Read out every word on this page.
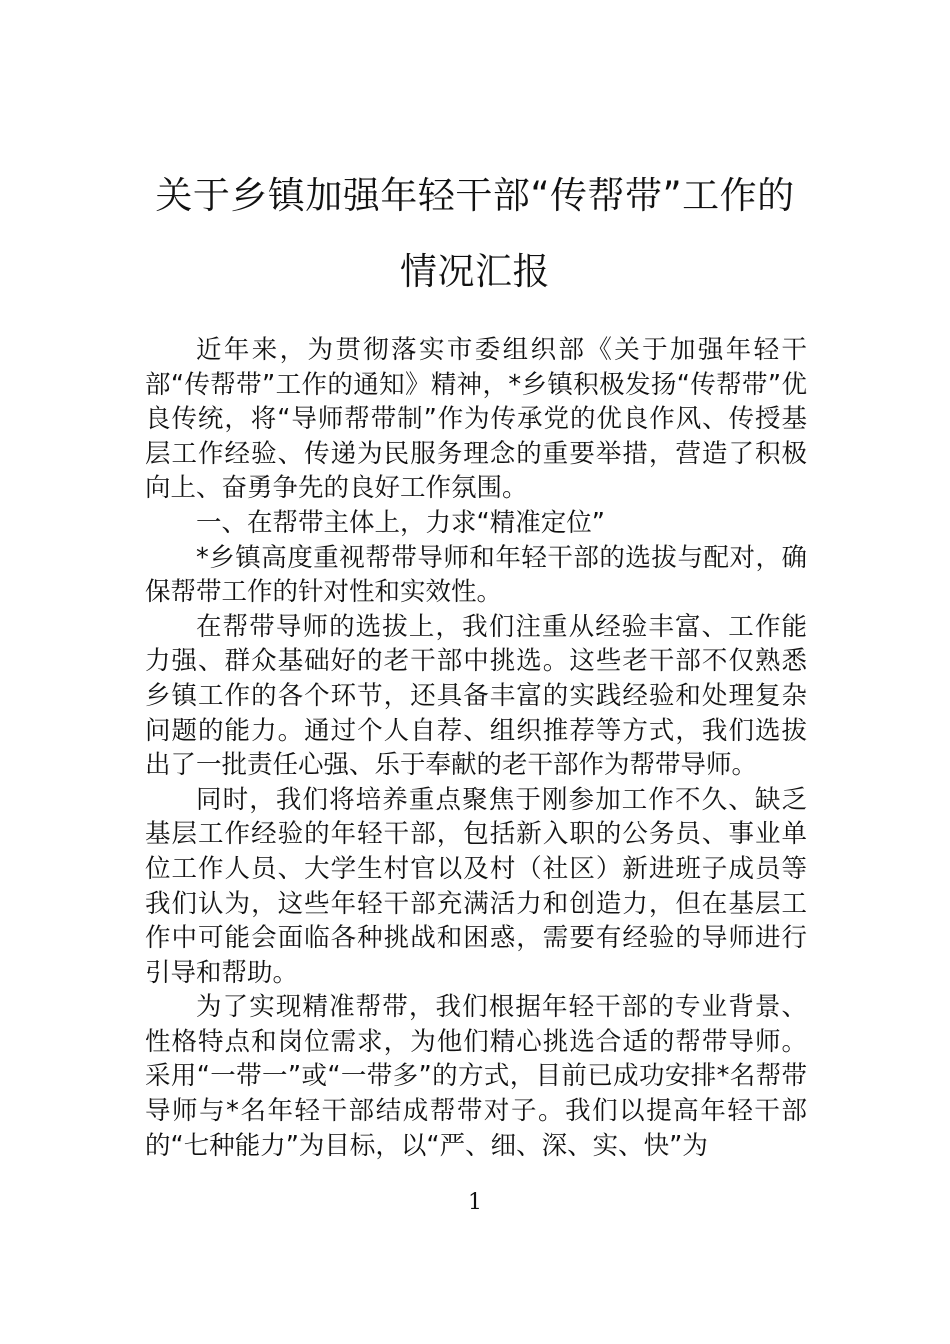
关于乡镇加强年轻干部“传帮带”工作的
情况汇报

近年来，为贯彻落实市委组织部《关于加强年轻干部“传帮带”工作的通知》精神，*乡镇积极发扬“传帮带”优良传统，将“导师帮带制”作为传承党的优良作风、传授基层工作经验、传递为民服务理念的重要举措，营造了积极向上、奋勇争先的良好工作氛围。

一、在帮带主体上，力求“精准定位”

*乡镇高度重视帮带导师和年轻干部的选拔与配对，确保帮带工作的针对性和实效性。

在帮带导师的选拔上，我们注重从经验丰富、工作能力强、群众基础好的老干部中挑选。这些老干部不仅熟悉乡镇工作的各个环节，还具备丰富的实践经验和处理复杂问题的能力。通过个人自荐、组织推荐等方式，我们选拔出了一批责任心强、乐于奉献的老干部作为帮带导师。

同时，我们将培养重点聚焦于刚参加工作不久、缺乏基层工作经验的年轻干部，包括新入职的公务员、事业单位工作人员、大学生村官以及村（社区）新进班子成员等我们认为，这些年轻干部充满活力和创造力，但在基层工作中可能会面临各种挑战和困惑，需要有经验的导师进行引导和帮助。

为了实现精准帮带，我们根据年轻干部的专业背景、性格特点和岗位需求，为他们精心挑选合适的帮带导师。采用“一带一”或“一带多”的方式，目前已成功安排*名帮带导师与*名年轻干部结成帮带对子。我们以提高年轻干部的“七种能力”为目标，以“严、细、深、实、快”为

1
